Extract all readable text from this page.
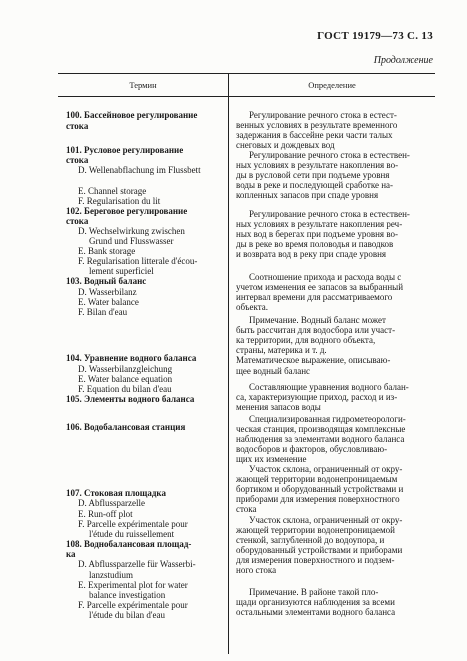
ГОСТ 19179—73 С. 13
Продолжение
Термин	Определение
100. Бассейновое регулирование
стока
101. Русловое регулирование
стока
D. Wellenabflachung im Flussbett
E. Channel storage
F. Regularisation du lit
102. Береговое регулирование
стока
D. Wechselwirkung zwischen
Grund und Flusswasser
E. Bank storage
F. Regularisation litterale d'écou-
lement superficiel
103. Водный баланс
D. Wasserbilanz
E. Water balance
F. Bilan d'eau
104. Уравнение водного баланса
D. Wasserbilanzgleichung
E. Water balance equation
F. Equation du bilan d'eau
105. Элементы водного баланса
106. Водобалансовая станция
107. Стоковая площадка
D. Abflussparzelle
E. Run-off plot
F. Parcelle expérimentale pour
l'étude du ruissellement
108. Воднобалансовая площад-
ка
D. Abflussparzelle für Wasserbi-
lanzstudium
E. Experimental plot for water
balance investigation
F. Parcelle expérimentale pour
l'étude du bilan d'eau
Регулирование речного стока в естест-
венных условиях в результате временного
задержания в бассейне реки части талых
снеговых и дождевых вод
Регулирование речного стока в естествен-
ных условиях в результате накопления во-
ды в русловой сети при подъеме уровня
воды в реке и последующей сработке на-
копленных запасов при спаде уровня
Регулирование речного стока в естествен-
ных условиях в результате накопления реч-
ных вод в берегах при подъеме уровня во-
ды в реке во время половодья и паводков
и возврата вод в реку при спаде уровня
Соотношение прихода и расхода воды с
учетом изменения ее запасов за выбранный
интервал времени для рассматриваемого
объекта.
Примечание. Водный баланс может
быть рассчитан для водосбора или участ-
ка территории, для водного объекта,
страны, материка и т. д.
Математическое выражение, описываю-
щее водный баланс
Составляющие уравнения водного балан-
са, характеризующие приход, расход и из-
менения запасов воды
Специализированная гидрометеорологи-
ческая станция, производящая комплексные
наблюдения за элементами водного баланса
водосборов и факторов, обусловливаю-
щих их изменение
Участок склона, ограниченный от окру-
жающей территории водонепроницаемым
бортиком и оборудованный устройствами и
приборами для измерения поверхностного
стока
Участок склона, ограниченный от окру-
жающей территории водонепроницаемой
стенкой, заглубленной до водоупора, и
оборудованный устройствами и приборами
для измерения поверхностного и подзем-
ного стока
Примечание. В районе такой пло-
щади организуются наблюдения за всеми
остальными элементами водного баланса
